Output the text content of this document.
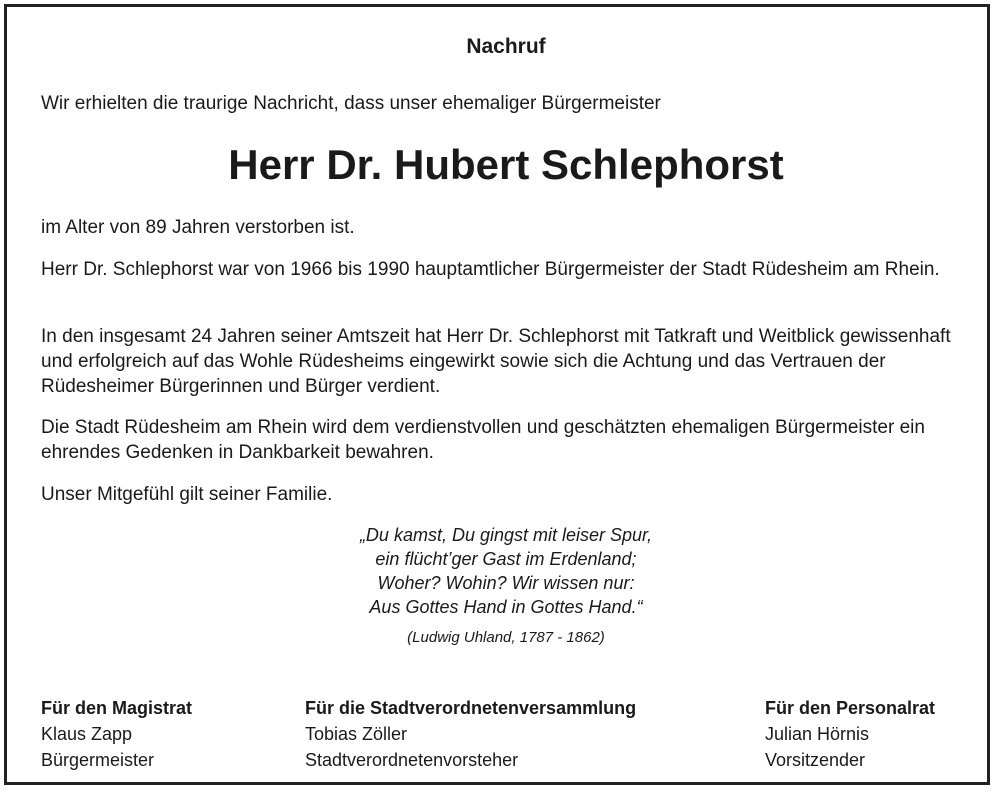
Nachruf
Wir erhielten die traurige Nachricht, dass unser ehemaliger Bürgermeister
Herr Dr. Hubert Schlephorst
im Alter von 89 Jahren verstorben ist.
Herr Dr. Schlephorst war von 1966 bis 1990 hauptamtlicher Bürgermeister der Stadt Rüdesheim am Rhein.
In den insgesamt 24 Jahren seiner Amtszeit hat Herr Dr. Schlephorst mit Tatkraft und Weitblick gewissenhaft und erfolgreich auf das Wohle Rüdesheims eingewirkt sowie sich die Achtung und das Vertrauen der Rüdesheimer Bürgerinnen und Bürger verdient.
Die Stadt Rüdesheim am Rhein wird dem verdienstvollen und geschätzten ehemaligen Bürgermeister ein ehrendes Gedenken in Dankbarkeit bewahren.
Unser Mitgefühl gilt seiner Familie.
„Du kamst, Du gingst mit leiser Spur,
ein flücht’ger Gast im Erdenland;
Woher? Wohin? Wir wissen nur:
Aus Gottes Hand in Gottes Hand.“
(Ludwig Uhland, 1787 - 1862)
Für den Magistrat
Klaus Zapp
Bürgermeister
Für die Stadtverordnetenversammlung
Tobias Zöller
Stadtverordnetenvorsteher
Für den Personalrat
Julian Hörnis
Vorsitzender
